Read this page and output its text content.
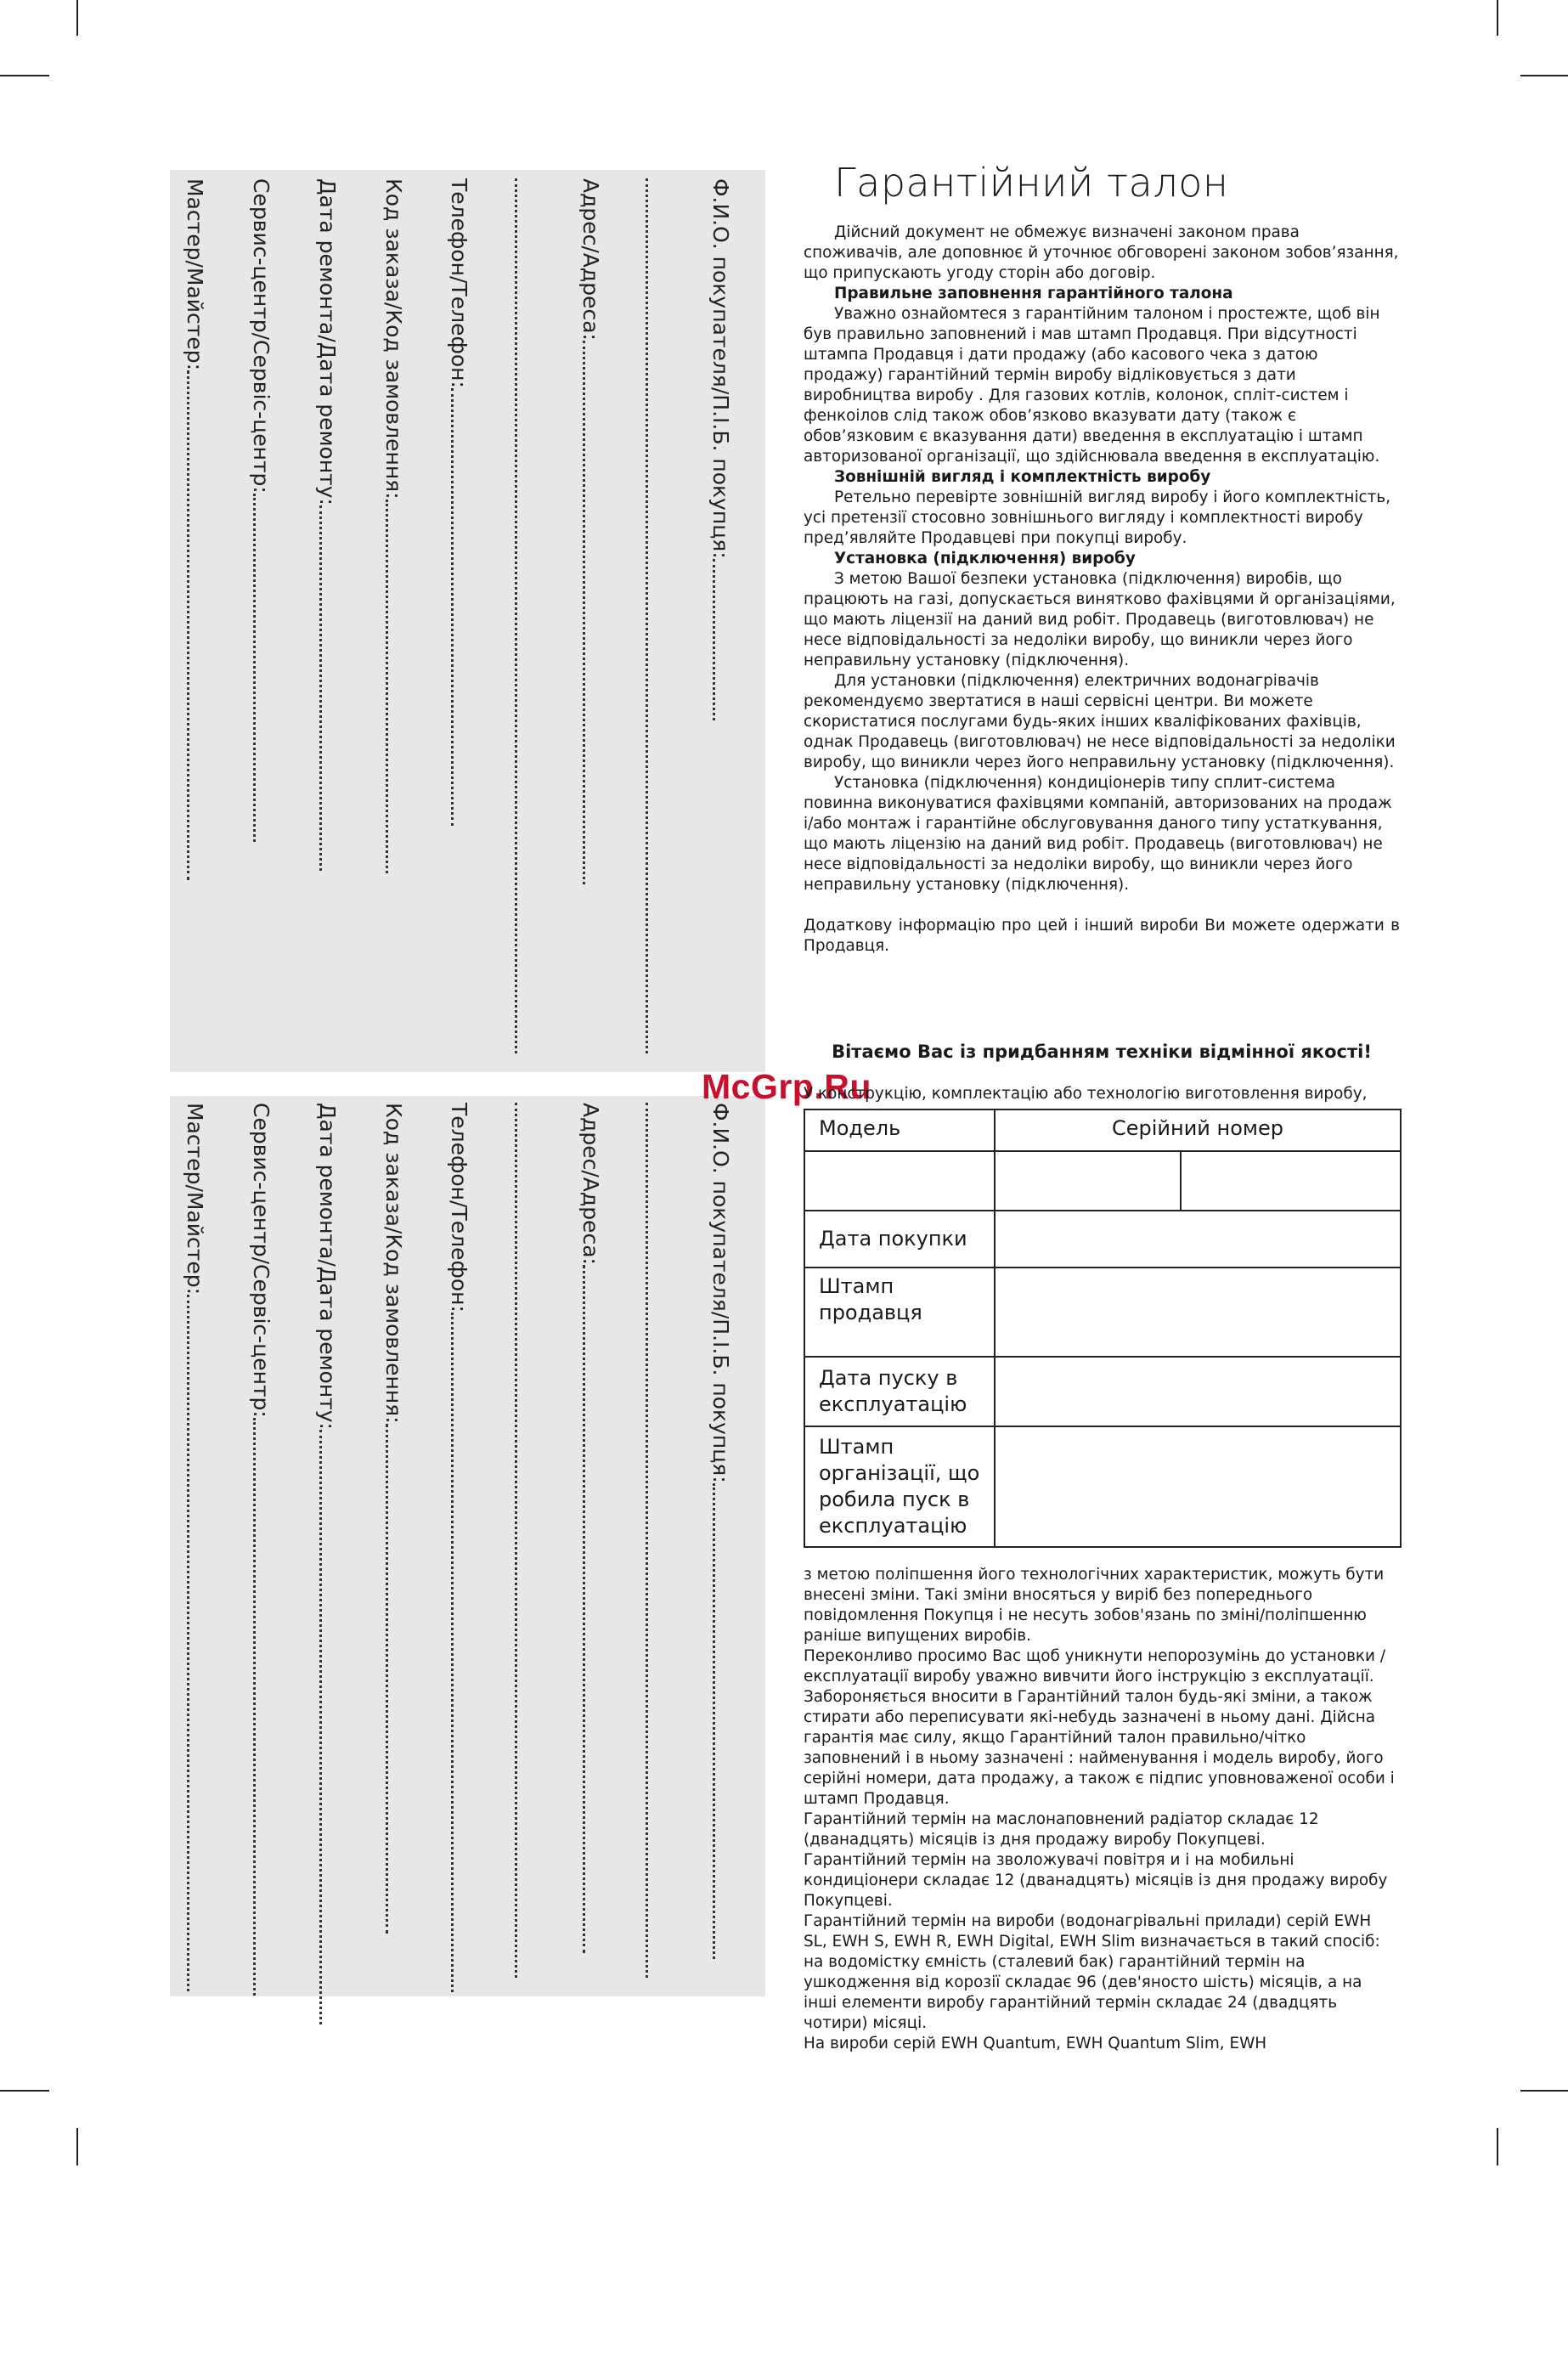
Ф.И.О. покупателя/П.І.Б. покупця:
Адрес/Адреса:
Телефон/Телефон:
Код заказа/Код замовлення:
Дата ремонта/Дата ремонту:
Сервис-центр/Сервіс-центр:
Мастер/Майстер:
Ф.И.О. покупателя/П.І.Б. покупця:
Адрес/Адреса:
Телефон/Телефон:
Код заказа/Код замовлення:
Дата ремонта/Дата ремонту:
Сервис-центр/Сервіс-центр:
Мастер/Майстер:
Гарантійний талон

Дійсний документ не обмежує визначені законом права споживачів, але доповнює й уточнює обговорені законом зобов’язання, що припускають угоду сторін або договір.

Правильне заповнення гарантійного талона

Уважно ознайомтеся з гарантійним талоном і простежте, щоб він був правильно заповнений і мав штамп Продавця. При відсутності штампа Продавця і дати продажу (або касового чека з датою продажу) гарантійний термін виробу відліковується з дати виробництва виробу . Для газових котлів, колонок, спліт-систем і фенкоілов слід також обов’язково вказувати дату (також є обов’язковим є вказування дати) введення в експлуатацію і штамп авторизованої організації, що здійснювала введення в експлуатацію.

Зовнішній вигляд і комплектність виробу

Ретельно перевірте зовнішній вигляд виробу і його комплектність, усі претензії стосовно зовнішнього вигляду і комплектності виробу пред’являйте Продавцеві при покупці виробу.

Установка (підключення) виробу

З метою Вашої безпеки установка (підключення) виробів, що працюють на газі, допускається винятково фахівцями й організаціями, що мають ліцензії на даний вид робіт. Продавець (виготовлювач) не несе відповідальності за недоліки виробу, що виникли через його неправильну установку (підключення).

Для установки (підключення) електричних водонагрівачів рекомендуємо звертатися в наші сервісні центри. Ви можете скористатися послугами будь-яких інших кваліфікованих фахівців, однак Продавець (виготовлювач) не несе відповідальності за недоліки виробу, що виникли через його неправильну установку (підключення).

Установка (підключення) кондиціонерів типу сплит-система повинна виконуватися фахівцями компаній, авторизованих на продаж і/або монтаж і гарантійне обслуговування даного типу устаткування, що мають ліцензію на даний вид робіт. Продавець (виготовлювач) не несе відповідальності за недоліки виробу, що виникли через його неправильну установку (підключення).

Додаткову інформацію про цей і інший вироби Ви можете одержати в Продавця.

Вітаємо Вас із придбанням техніки відмінної якості!
McGrp.Ru
У конструкцію, комплектацію або технологію виготовлення виробу,
Модель	Серійний номер	

Дата покупки		
Штамп продавця		
Дата пуску в експлуатацію		
Штамп організації, що робила пуск в експлуатацію		

з метою поліпшення його технологічних характеристик, можуть бути внесені зміни. Такі зміни вносяться у виріб без попереднього повідомлення Покупця і не несуть зобов'язань по зміні/поліпшенню раніше випущених виробів.

Переконливо просимо Вас щоб уникнути непорозумінь до установки /експлуатації виробу уважно вивчити його інструкцію з експлуатації.

Забороняється вносити в Гарантійний талон будь-які зміни, а також стирати або переписувати які-небудь зазначені в ньому дані. Дійсна гарантія має силу, якщо Гарантійний талон правильно/чітко заповнений і в ньому зазначені : найменування і модель виробу, його серійні номери, дата продажу, а також є підпис уповноваженої особи і штамп Продавця.

Гарантійний термін на маслонаповнений радіатор складає 12 (дванадцять) місяців із дня продажу виробу Покупцеві.

Гарантійний термін на зволожувачі повітря и і на мобильні кондиціонери складає 12 (дванадцять) місяців із дня продажу виробу Покупцеві.

Гарантійний термін на вироби (водонагрівальні прилади) серій EWH SL, EWH S, EWH R, EWH Digital, EWH Slim визначається в такий спосіб: на водомістку ємність (сталевий бак) гарантійний термін на ушкодження від корозії складає 96 (дев'яносто шість) місяців, а на інші елементи виробу гарантійний термін складає 24 (двадцять чотири) місяці.

На вироби серій EWH Quantum, EWH Quantum Slim, EWH
